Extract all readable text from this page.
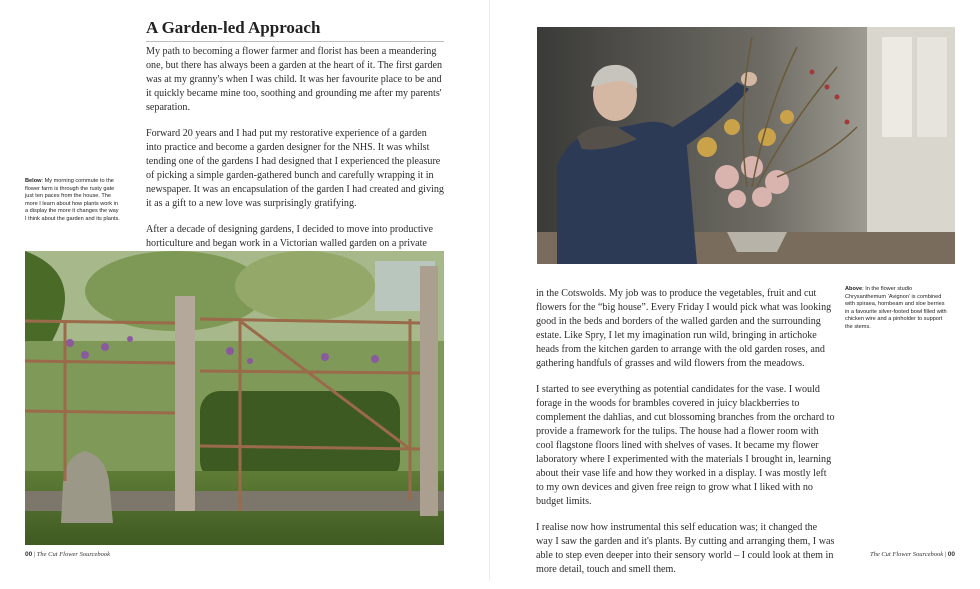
A Garden-led Approach

My path to becoming a flower farmer and florist has been a meandering one, but there has always been a garden at the heart of it. The first garden was at my granny's when I was child. It was her favourite place to be and it quickly became mine too, soothing and grounding me after my parents' separation.

Forward 20 years and I had put my restorative experience of a garden into practice and become a garden designer for the NHS. It was whilst tending one of the gardens I had designed that I experienced the pleasure of picking a simple garden-gathered bunch and carefully wrapping it in newspaper. It was an encapsulation of the garden I had created and giving it as a gift to a new love was surprisingly gratifying.

After a decade of designing gardens, I decided to move into productive horticulture and began work in a Victorian walled garden on a private

Below: My morning commute to the flower farm is through the rusty gate just ten paces from the house. The more I learn about how plants work in a display the more it changes the way I think about the garden and its plants.
00 | The Cut Flower Sourcebook

in the Cotswolds. My job was to produce the vegetables, fruit and cut flowers for the “big house”. Every Friday I would pick what was looking good in the beds and borders of the walled garden and the surrounding estate. Like Spry, I let my imagination run wild, bringing in artichoke heads from the kitchen garden to arrange with the old garden roses, and gathering handfuls of grasses and wild flowers from the meadows.

I started to see everything as potential candidates for the vase. I would forage in the woods for brambles covered in juicy blackberries to complement the dahlias, and cut blossoming branches from the orchard to provide a framework for the tulips. The house had a flower room with cool flagstone floors lined with shelves of vases. It became my flower laboratory where I experimented with the materials I brought in, learning about their vase life and how they worked in a display. I was mostly left to my own devices and given free reign to grow what I liked with no budget limits.

I realise now how instrumental this self education was; it changed the way I saw the garden and it's plants. By cutting and arranging them, I was able to step even deeper into their sensory world – I could look at them in more detail, touch and smell them.

Above: In the flower studio Chrysanthemum ‘Avignon’ is combined with spiraea, hornbeam and sloe berries in a favourite silver-footed bowl filled with chicken wire and a pinholder to support the stems.
The Cut Flower Sourcebook | 00
